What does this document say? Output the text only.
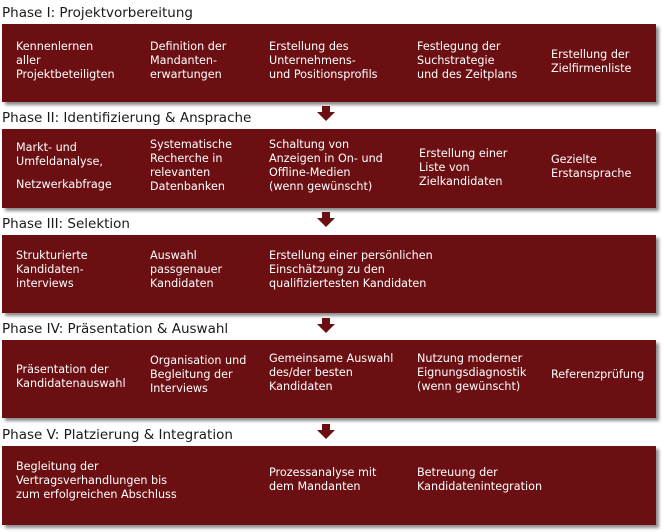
Phase I: Projektvorbereitung
Kennenlernen
aller
Projektbeteiligten
Definition der
Mandanten-
erwartungen
Erstellung des
Unternehmens-
und Positionsprofils
Festlegung der
Suchstrategie
und des Zeitplans
Erstellung der
Zielfirmenliste
Phase II: Identifizierung & Ansprache
Markt- und
Umfeldanalyse,
Netzwerkabfrage
Systematische
Recherche in
relevanten
Datenbanken
Schaltung von
Anzeigen in On- und
Offline-Medien
(wenn gewünscht)
Erstellung einer
Liste von
Zielkandidaten
Gezielte
Erstansprache
Phase III: Selektion
Strukturierte
Kandidaten-
interviews
Auswahl
passgenauer
Kandidaten
Erstellung einer persönlichen
Einschätzung zu den
qualifiziertesten Kandidaten
Phase IV: Präsentation & Auswahl
Präsentation der
Kandidatenauswahl
Organisation und
Begleitung der
Interviews
Gemeinsame Auswahl
des/der besten
Kandidaten
Nutzung moderner
Eignungsdiagnostik
(wenn gewünscht)
Referenzprüfung
Phase V: Platzierung & Integration
Begleitung der
Vertragsverhandlungen bis
zum erfolgreichen Abschluss
Prozessanalyse mit
dem Mandanten
Betreuung der
Kandidatenintegration
